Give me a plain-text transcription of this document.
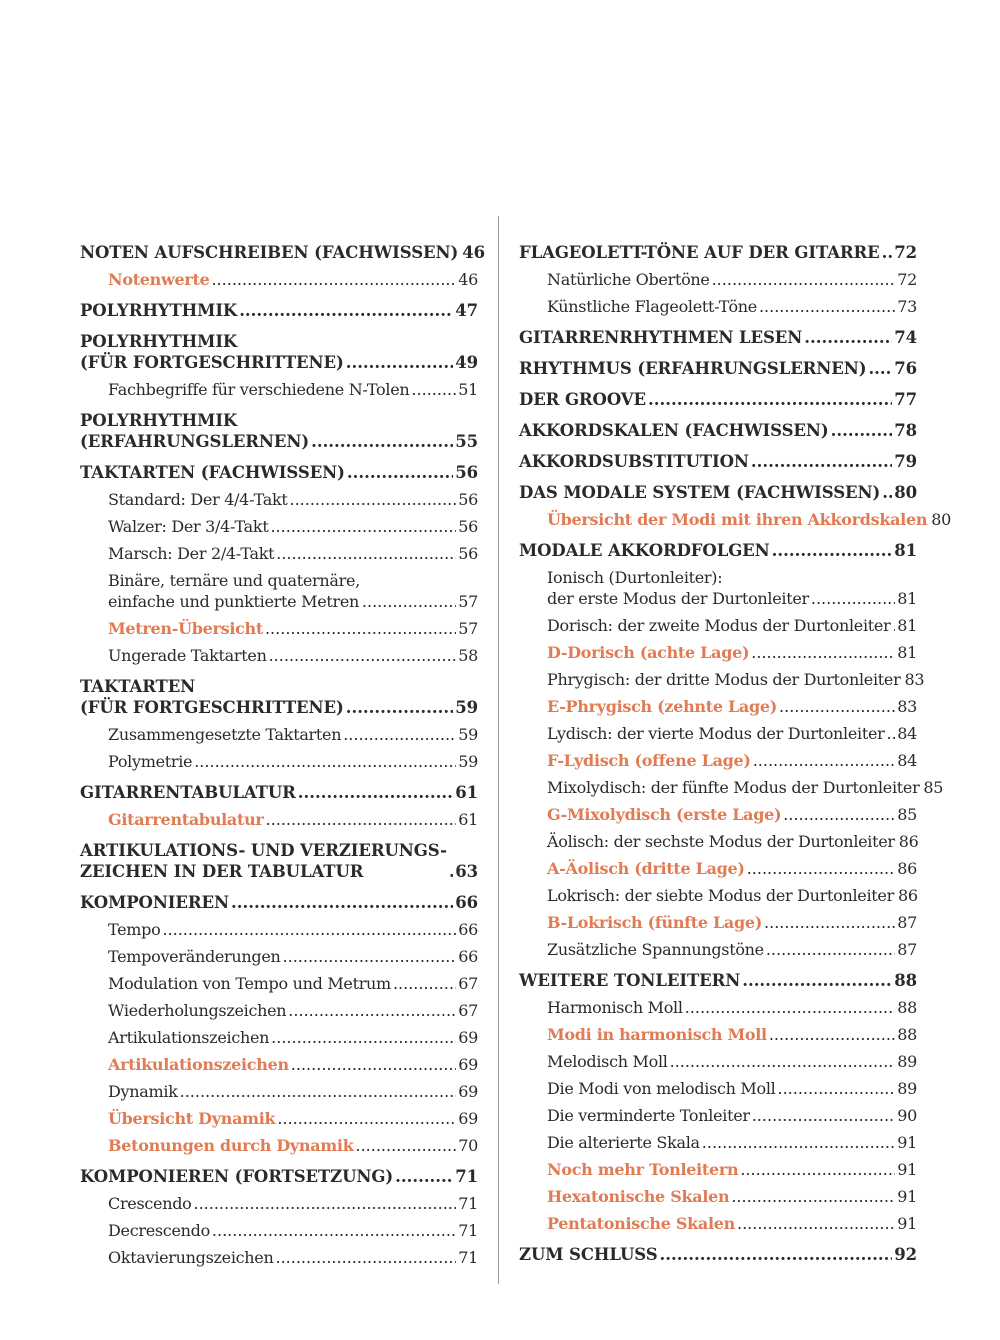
NOTEN AUFSCHREIBEN (FACHWISSEN) 46
Notenwerte .....	46
POLYRHYTHMIK .....	47
POLYRHYTHMIK
(FÜR FORTGESCHRITTENE) .....	49
Fachbegriffe für verschiedene N-Tolen .....	51
POLYRHYTHMIK
(ERFAHRUNGSLERNEN) .....	55
TAKTARTEN (FACHWISSEN) .....	56
Standard: Der 4/4-Takt .....	56
Walzer: Der 3/4-Takt .....	56
Marsch: Der 2/4-Takt .....	56
Binäre, ternäre und quaternäre,
einfache und punktierte Metren .....	57
Metren-Übersicht .....	57
Ungerade Taktarten .....	58
TAKTARTEN
(FÜR FORTGESCHRITTENE) .....	59
Zusammengesetzte Taktarten .....	59
Polymetrie .....	59
GITARRENTABULATUR .....	61
Gitarrentabulatur .....	61
ARTIKULATIONS- UND VERZIERUNGS-
ZEICHEN IN DER TABULATUR .....	63
KOMPONIEREN .....	66
Tempo .....	66
Tempoveränderungen .....	66
Modulation von Tempo und Metrum .....	67
Wiederholungszeichen .....	67
Artikulationszeichen .....	69
Artikulationszeichen .....	69
Dynamik .....	69
Übersicht Dynamik .....	69
Betonungen durch Dynamik .....	70
KOMPONIEREN (FORTSETZUNG) .....	71
Crescendo .....	71
Decrescendo .....	71
Oktavierungszeichen .....	71
FLAGEOLETT-TÖNE AUF DER GITARRE ..... 72
Natürliche Obertöne .....	72
Künstliche Flageolett-Töne .....	73
GITARRENRHYTHMEN LESEN .....	74
RHYTHMUS (ERFAHRUNGSLERNEN) ..... 76
DER GROOVE .....	77
AKKORDSKALEN (FACHWISSEN) .....	78
AKKORDSUBSTITUTION .....	79
DAS MODALE SYSTEM (FACHWISSEN) ..... 80
Übersicht der Modi mit ihren Akkordskalen 80
MODALE AKKORDFOLGEN .....	81
Ionisch (Durtonleiter):
der erste Modus der Durtonleiter .....	81
Dorisch: der zweite Modus der Durtonleiter ..... 81
D-Dorisch (achte Lage) .....	81
Phrygisch: der dritte Modus der Durtonleiter 83
E-Phrygisch (zehnte Lage) .....	83
Lydisch: der vierte Modus der Durtonleiter ..... 84
F-Lydisch (offene Lage) .....	84
Mixolydisch: der fünfte Modus der Durtonleiter 85
G-Mixolydisch (erste Lage) .....	85
Äolisch: der sechste Modus der Durtonleiter 86
A-Äolisch (dritte Lage) .....	86
Lokrisch: der siebte Modus der Durtonleiter 86
B-Lokrisch (fünfte Lage) .....	87
Zusätzliche Spannungstöne .....	87
WEITERE TONLEITERN .....	88
Harmonisch Moll .....	88
Modi in harmonisch Moll .....	88
Melodisch Moll .....	89
Die Modi von melodisch Moll .....	89
Die verminderte Tonleiter .....	90
Die alterierte Skala .....	91
Noch mehr Tonleitern .....	91
Hexatonische Skalen .....	91
Pentatonische Skalen .....	91
ZUM SCHLUSS .....	92
